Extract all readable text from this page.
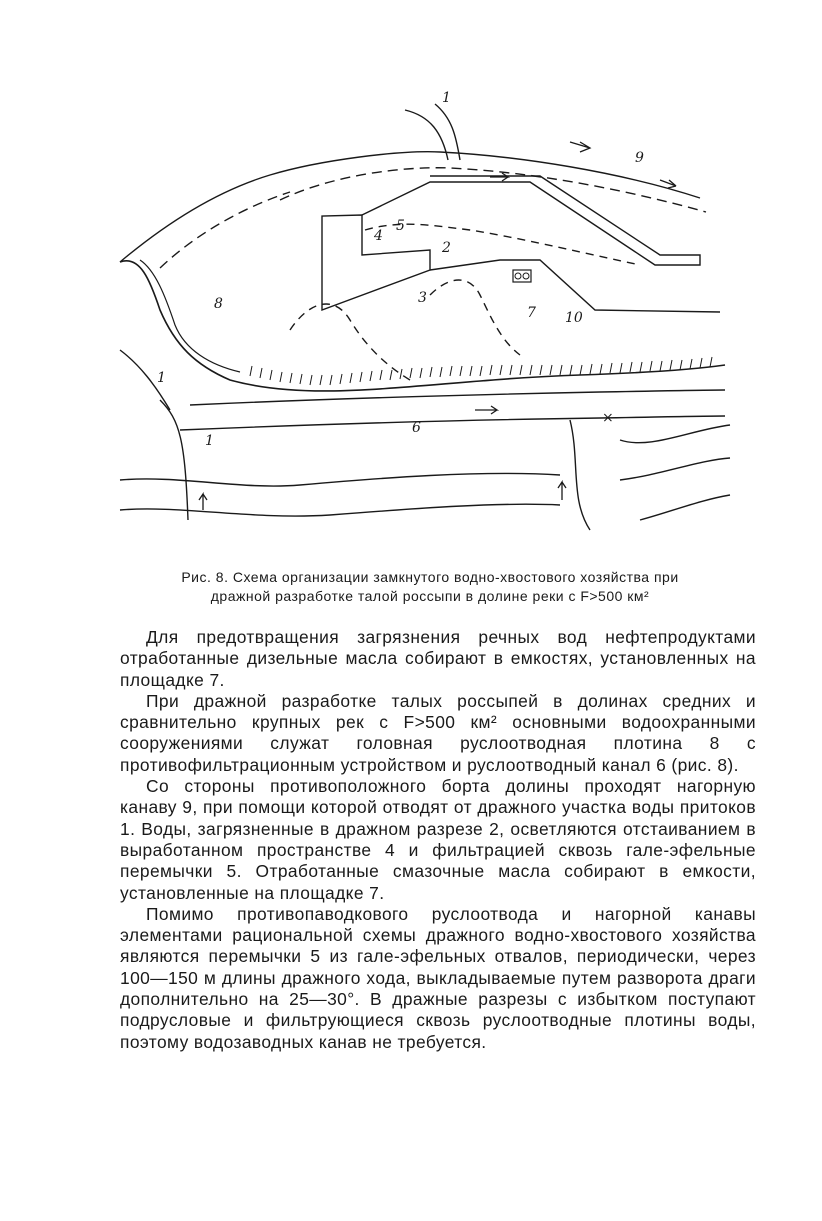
1
1
1
2
3
4
5
6
7
8
9
10
×
Рис. 8. Схема организации замкнутого водно-хвостового хозяйства при
дражной разработке талой россыпи в долине реки с F>500 км²

Для предотвращения загрязнения речных вод нефтепродуктами отработанные дизельные масла собирают в емкостях, установленных на площадке 7.

При дражной разработке талых россыпей в долинах средних и сравнительно крупных рек с F>500 км² основными водоохранными сооружениями служат головная руслоотводная плотина 8 с противофильтрационным устройством и руслоотводный канал 6 (рис. 8).

Со стороны противоположного борта долины проходят нагорную канаву 9, при помощи которой отводят от дражного участка воды притоков 1. Воды, загрязненные в дражном разрезе 2, осветляются отстаиванием в выработанном пространстве 4 и фильтрацией сквозь гале-эфельные перемычки 5. Отработанные смазочные масла собирают в емкости, установленные на площадке 7.

Помимо противопаводкового руслоотвода и нагорной канавы элементами рациональной схемы дражного водно-хвостового хозяйства являются перемычки 5 из гале-эфельных отвалов, периодически, через 100—150 м длины дражного хода, выкладываемые путем разворота драги дополнительно на 25—30°. В дражные разрезы с избытком поступают подрусловые и фильтрующиеся сквозь руслоотводные плотины воды, поэтому водозаводных канав не требуется.
